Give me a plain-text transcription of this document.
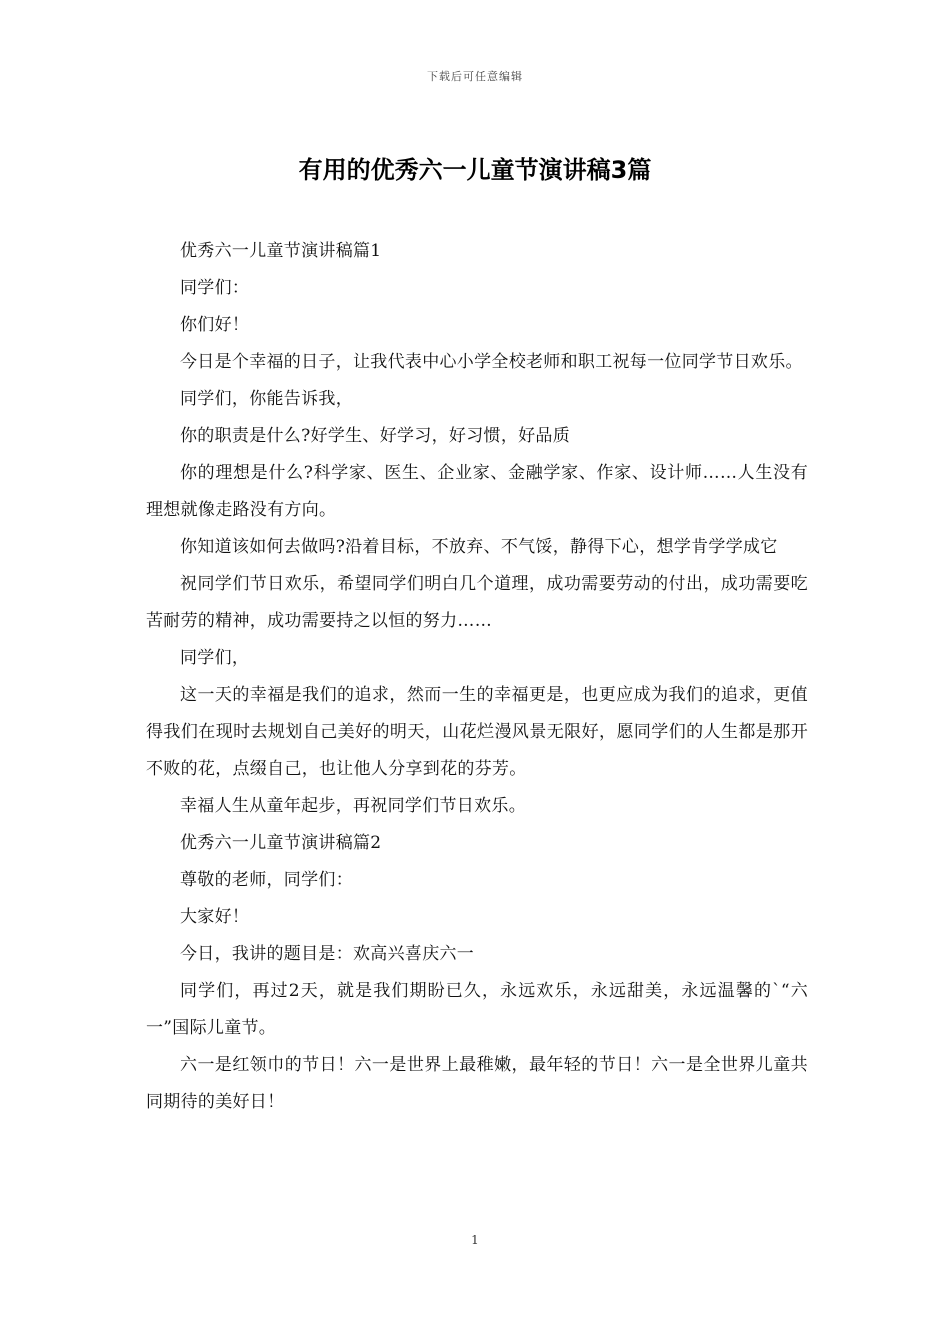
下载后可任意编辑
有用的优秀六一儿童节演讲稿3篇

优秀六一儿童节演讲稿篇1

同学们：

你们好！

今日是个幸福的日子，让我代表中心小学全校老师和职工祝每一位同学节日欢乐。

同学们，你能告诉我，

你的职责是什么?好学生、好学习，好习惯，好品质

你的理想是什么?科学家、医生、企业家、金融学家、作家、设计师……人生没有理想就像走路没有方向。

你知道该如何去做吗?沿着目标，不放弃、不气馁，静得下心，想学肯学学成它

祝同学们节日欢乐，希望同学们明白几个道理，成功需要劳动的付出，成功需要吃苦耐劳的精神，成功需要持之以恒的努力……

同学们，

这一天的幸福是我们的追求，然而一生的幸福更是，也更应成为我们的追求，更值得我们在现时去规划自己美好的明天，山花烂漫风景无限好，愿同学们的人生都是那开不败的花，点缀自己，也让他人分享到花的芬芳。

幸福人生从童年起步，再祝同学们节日欢乐。

优秀六一儿童节演讲稿篇2

尊敬的老师，同学们：

大家好！

今日，我讲的题目是：欢高兴喜庆六一

同学们，再过2天，就是我们期盼已久，永远欢乐，永远甜美，永远温馨的`“六一”国际儿童节。

六一是红领巾的节日！六一是世界上最稚嫩，最年轻的节日！六一是全世界儿童共同期待的美好日！

1
